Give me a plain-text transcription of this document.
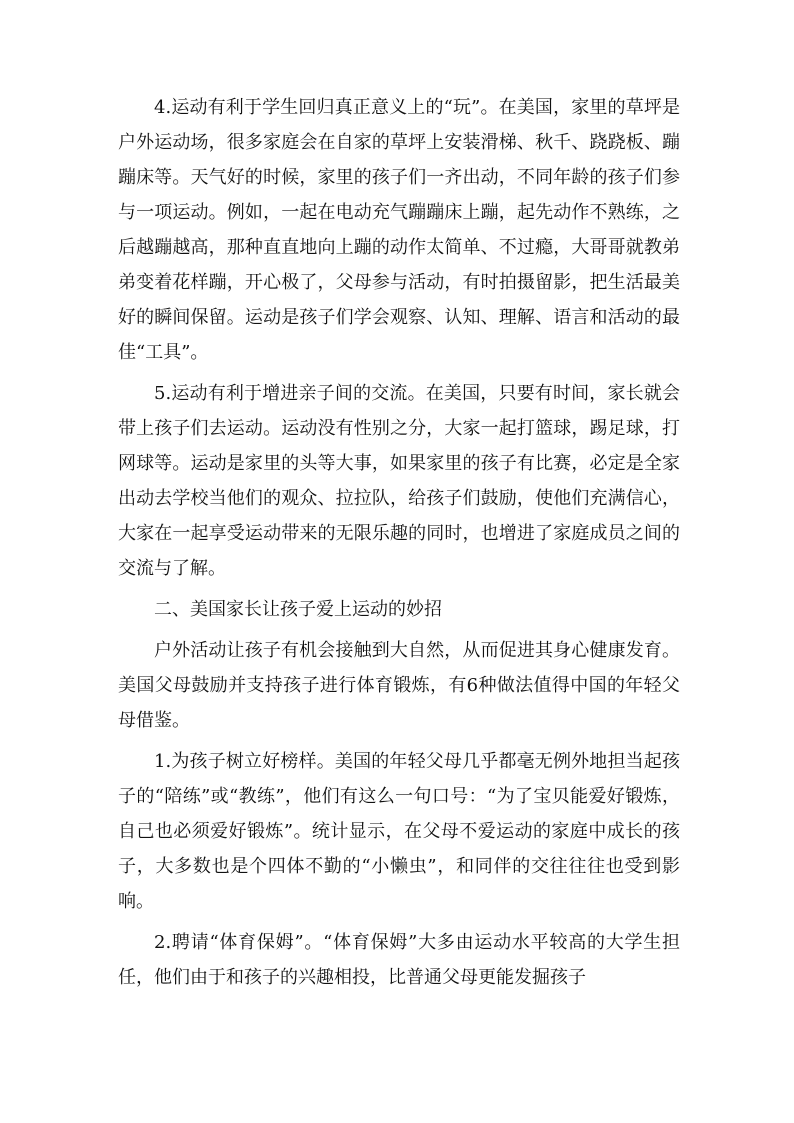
4.运动有利于学生回归真正意义上的“玩”。在美国，家里的草坪是户外运动场，很多家庭会在自家的草坪上安装滑梯、秋千、跷跷板、蹦蹦床等。天气好的时候，家里的孩子们一齐出动，不同年龄的孩子们参与一项运动。例如，一起在电动充气蹦蹦床上蹦，起先动作不熟练，之后越蹦越高，那种直直地向上蹦的动作太简单、不过瘾，大哥哥就教弟弟变着花样蹦，开心极了，父母参与活动，有时拍摄留影，把生活最美好的瞬间保留。运动是孩子们学会观察、认知、理解、语言和活动的最佳“工具”。

5.运动有利于增进亲子间的交流。在美国，只要有时间，家长就会带上孩子们去运动。运动没有性别之分，大家一起打篮球，踢足球，打网球等。运动是家里的头等大事，如果家里的孩子有比赛，必定是全家出动去学校当他们的观众、拉拉队，给孩子们鼓励，使他们充满信心，大家在一起享受运动带来的无限乐趣的同时，也增进了家庭成员之间的交流与了解。

二、美国家长让孩子爱上运动的妙招

户外活动让孩子有机会接触到大自然，从而促进其身心健康发育。美国父母鼓励并支持孩子进行体育锻炼，有6种做法值得中国的年轻父母借鉴。

1.为孩子树立好榜样。美国的年轻父母几乎都毫无例外地担当起孩子的“陪练”或“教练”，他们有这么一句口号：“为了宝贝能爱好锻炼，自己也必须爱好锻炼”。统计显示，在父母不爱运动的家庭中成长的孩子，大多数也是个四体不勤的“小懒虫”，和同伴的交往往往也受到影响。

2.聘请“体育保姆”。“体育保姆”大多由运动水平较高的大学生担任，他们由于和孩子的兴趣相投，比普通父母更能发掘孩子
